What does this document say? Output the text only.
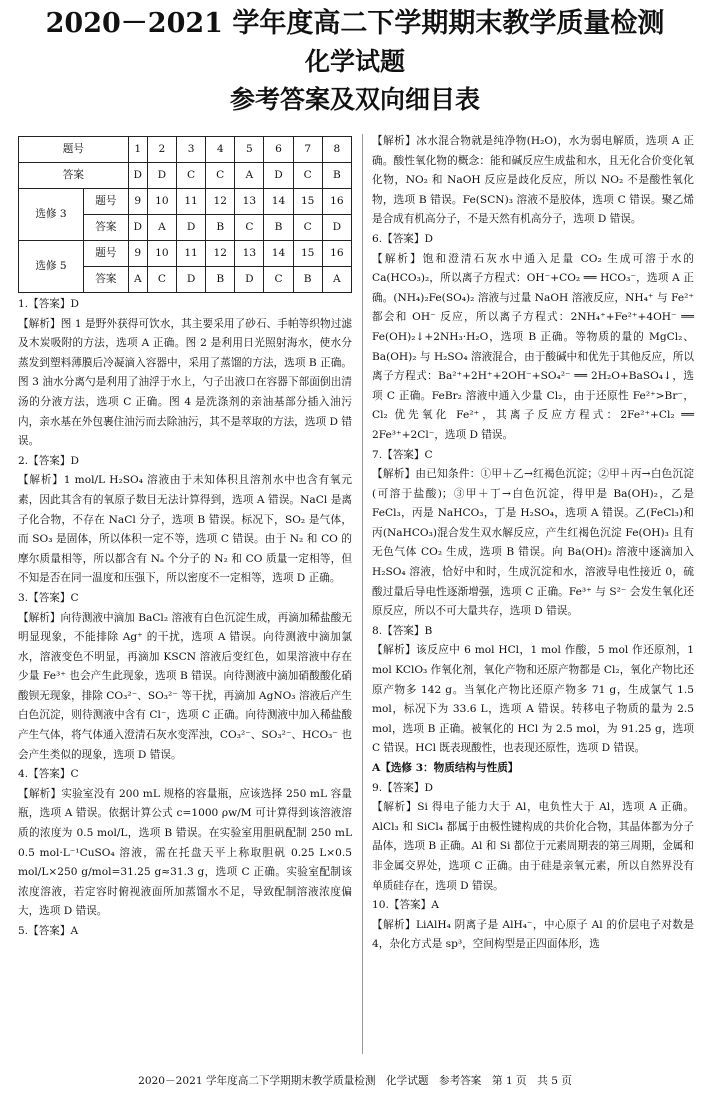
2020－2021 学年度高二下学期期末教学质量检测
化学试题
参考答案及双向细目表
题号		1	2	3	4	5	6	7	8
答案		D	D	C	C	A	D	C	B
选修 3	题号	9	10	11	12	13	14	15	16
	答案	D	A	D	B	C	B	C	D
选修 5	题号	9	10	11	12	13	14	15	16
	答案	A	C	D	B	D	C	B	A

1.【答案】D

【解析】图 1 是野外获得可饮水，其主要采用了砂石、手帕等织物过滤及木炭吸附的方法，选项 A 正确。图 2 是利用日光照射海水，使水分蒸发到塑料薄膜后冷凝滴入容器中，采用了蒸馏的方法，选项 B 正确。图 3 油水分离勺是利用了油浮于水上，勺子出液口在容器下部面倒出清汤的分液方法，选项 C 正确。图 4 是洗涤剂的亲油基部分插入油污内，亲水基在外包裹住油污而去除油污，其不是萃取的方法，选项 D 错误。

2.【答案】D

【解析】1 mol/L H₂SO₄ 溶液由于未知体积且溶剂水中也含有氧元素，因此其含有的氧原子数目无法计算得到，选项 A 错误。NaCl 是离子化合物，不存在 NaCl 分子，选项 B 错误。标况下，SO₂ 是气体，而 SO₃ 是固体，所以体积一定不等，选项 C 错误。由于 N₂ 和 CO 的摩尔质量相等，所以都含有 Nₐ 个分子的 N₂ 和 CO 质量一定相等，但不知是否在同一温度和压强下，所以密度不一定相等，选项 D 正确。

3.【答案】C

【解析】向待测液中滴加 BaCl₂ 溶液有白色沉淀生成，再滴加稀盐酸无明显现象，不能排除 Ag⁺ 的干扰，选项 A 错误。向待测液中滴加氯水，溶液变色不明显，再滴加 KSCN 溶液后变红色，如果溶液中存在少量 Fe³⁺ 也会产生此现象，选项 B 错误。向待测液中滴加硝酸酸化硝酸钡无现象，排除 CO₃²⁻、SO₃²⁻ 等干扰，再滴加 AgNO₃ 溶液后产生白色沉淀，则待测液中含有 Cl⁻，选项 C 正确。向待测液中加入稀盐酸产生气体，将气体通入澄清石灰水变浑浊，CO₃²⁻、SO₃²⁻、HCO₃⁻ 也会产生类似的现象，选项 D 错误。

4.【答案】C

【解析】实验室没有 200 mL 规格的容量瓶，应该选择 250 mL 容量瓶，选项 A 错误。依据计算公式 c=1000 ρw/M 可计算得到该溶液溶质的浓度为 0.5 mol/L，选项 B 错误。在实验室用胆矾配制 250 mL 0.5 mol·L⁻¹CuSO₄ 溶液，需在托盘天平上称取胆矾 0.25 L×0.5 mol/L×250 g/mol=31.25 g≈31.3 g，选项 C 正确。实验室配制该浓度溶液，若定容时俯视液面所加蒸馏水不足，导致配制溶液浓度偏大，选项 D 错误。

5.【答案】A

【解析】冰水混合物就是纯净物(H₂O)，水为弱电解质，选项 A 正确。酸性氧化物的概念：能和碱反应生成盐和水，且无化合价变化氧化物，NO₂ 和 NaOH 反应是歧化反应，所以 NO₂ 不是酸性氧化物，选项 B 错误。Fe(SCN)₃ 溶液不是胶体，选项 C 错误。聚乙烯是合成有机高分子，不是天然有机高分子，选项 D 错误。

6.【答案】D

【解析】饱和澄清石灰水中通入足量 CO₂ 生成可溶于水的 Ca(HCO₃)₂，所以离子方程式：OH⁻+CO₂ ══ HCO₃⁻，选项 A 正确。(NH₄)₂Fe(SO₄)₂ 溶液与过量 NaOH 溶液反应，NH₄⁺ 与 Fe²⁺ 都会和 OH⁻ 反应，所以离子方程式：2NH₄⁺+Fe²⁺+4OH⁻ ══ Fe(OH)₂↓+2NH₃·H₂O，选项 B 正确。等物质的量的 MgCl₂、Ba(OH)₂ 与 H₂SO₄ 溶液混合，由于酸碱中和优先于其他反应，所以离子方程式：Ba²⁺+2H⁺+2OH⁻+SO₄²⁻ ══ 2H₂O+BaSO₄↓，选项 C 正确。FeBr₂ 溶液中通入少量 Cl₂，由于还原性 Fe²⁺>Br⁻，Cl₂ 优先氧化 Fe²⁺，其离子反应方程式：2Fe²⁺+Cl₂ ══ 2Fe³⁺+2Cl⁻，选项 D 错误。

7.【答案】C

【解析】由已知条件：①甲＋乙→红褐色沉淀；②甲＋丙→白色沉淀(可溶于盐酸)；③甲＋丁→白色沉淀，得甲是 Ba(OH)₂，乙是 FeCl₃，丙是 NaHCO₃，丁是 H₂SO₄，选项 A 错误。乙(FeCl₃)和丙(NaHCO₃)混合发生双水解反应，产生红褐色沉淀 Fe(OH)₃ 且有无色气体 CO₂ 生成，选项 B 错误。向 Ba(OH)₂ 溶液中逐滴加入 H₂SO₄ 溶液，恰好中和时，生成沉淀和水，溶液导电性接近 0，硫酸过量后导电性逐渐增强，选项 C 正确。Fe³⁺ 与 S²⁻ 会发生氧化还原反应，所以不可大量共存，选项 D 错误。

8.【答案】B

【解析】该反应中 6 mol HCl，1 mol 作酸，5 mol 作还原剂，1 mol KClO₃ 作氧化剂，氧化产物和还原产物都是 Cl₂，氧化产物比还原产物多 142 g。当氧化产物比还原产物多 71 g，生成氯气 1.5 mol，标况下为 33.6 L，选项 A 错误。转移电子物质的量为 2.5 mol，选项 B 正确。被氧化的 HCl 为 2.5 mol，为 91.25 g，选项 C 错误。HCl 既表现酸性，也表现还原性，选项 D 错误。

A【选修 3：物质结构与性质】

9.【答案】D

【解析】Si 得电子能力大于 Al，电负性大于 Al，选项 A 正确。AlCl₃ 和 SiCl₄ 都属于由极性键构成的共价化合物，其晶体都为分子晶体，选项 B 正确。Al 和 Si 都位于元素周期表的第三周期，金属和非金属交界处，选项 C 正确。由于硅是亲氧元素，所以自然界没有单质硅存在，选项 D 错误。

10.【答案】A

【解析】LiAlH₄ 阴离子是 AlH₄⁻，中心原子 Al 的价层电子对数是 4，杂化方式是 sp³，空间构型是正四面体形，选

2020－2021 学年度高二下学期期末教学质量检测　化学试题　参考答案　第 1 页　共 5 页
